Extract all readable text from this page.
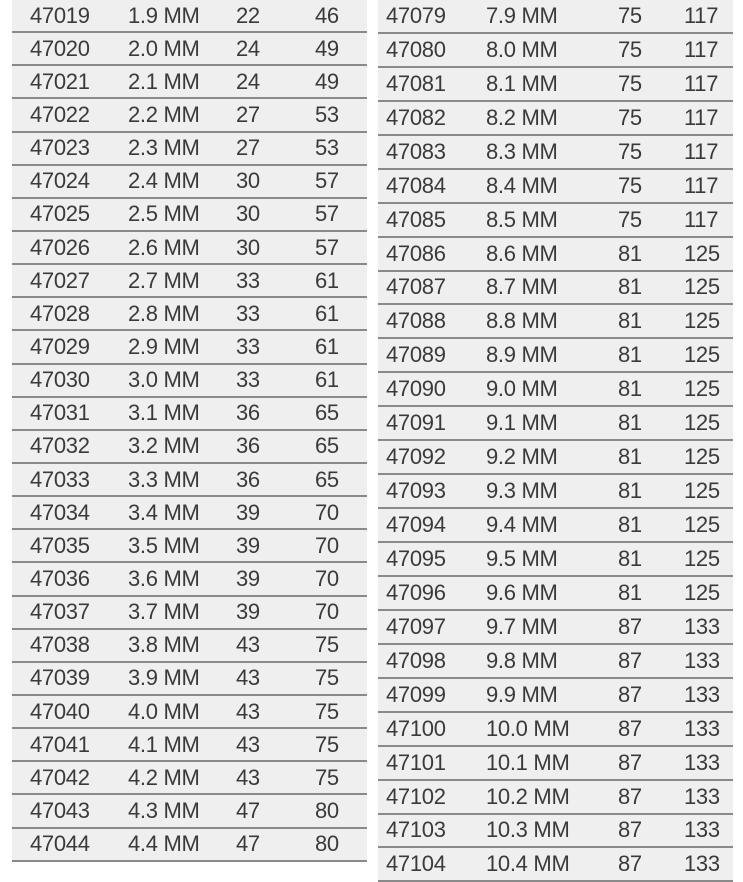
47019 1.9 MM 22	46
47020 2.0 MM 24	49
47021 2.1 MM 24	49
47022 2.2 MM 27	53
47023 2.3 MM 27	53
47024 2.4 MM 30	57
47025 2.5 MM 30	57
47026 2.6 MM 30	57
47027 2.7 MM 33	61
47028 2.8 MM 33	61
47029 2.9 MM 33	61
47030 3.0 MM 33	61
47031 3.1 MM 36	65
47032 3.2 MM 36	65
47033 3.3 MM 36	65
47034 3.4 MM 39	70
47035 3.5 MM 39	70
47036 3.6 MM 39	70
47037 3.7 MM 39	70
47038 3.8 MM 43	75
47039 3.9 MM 43	75
47040 4.0 MM 43	75
47041 4.1 MM 43	75
47042 4.2 MM 43	75
47043 4.3 MM 47	80
47044 4.4 MM 47	80
47079 7.9 MM	75 117
47080 8.0 MM	75 117
47081 8.1 MM	75 117
47082 8.2 MM	75 117
47083 8.3 MM	75 117
47084 8.4 MM	75 117
47085 8.5 MM	75 117
47086 8.6 MM	81 125
47087 8.7 MM	81 125
47088 8.8 MM	81 125
47089 8.9 MM	81 125
47090 9.0 MM	81 125
47091 9.1 MM	81 125
47092 9.2 MM	81 125
47093 9.3 MM	81 125
47094 9.4 MM	81 125
47095 9.5 MM	81 125
47096 9.6 MM	81 125
47097 9.7 MM	87 133
47098 9.8 MM	87 133
47099 9.9 MM	87 133
47100 10.0 MM 87 133
47101 10.1 MM 87 133
47102 10.2 MM 87 133
47103 10.3 MM 87 133
47104 10.4 MM 87 133
